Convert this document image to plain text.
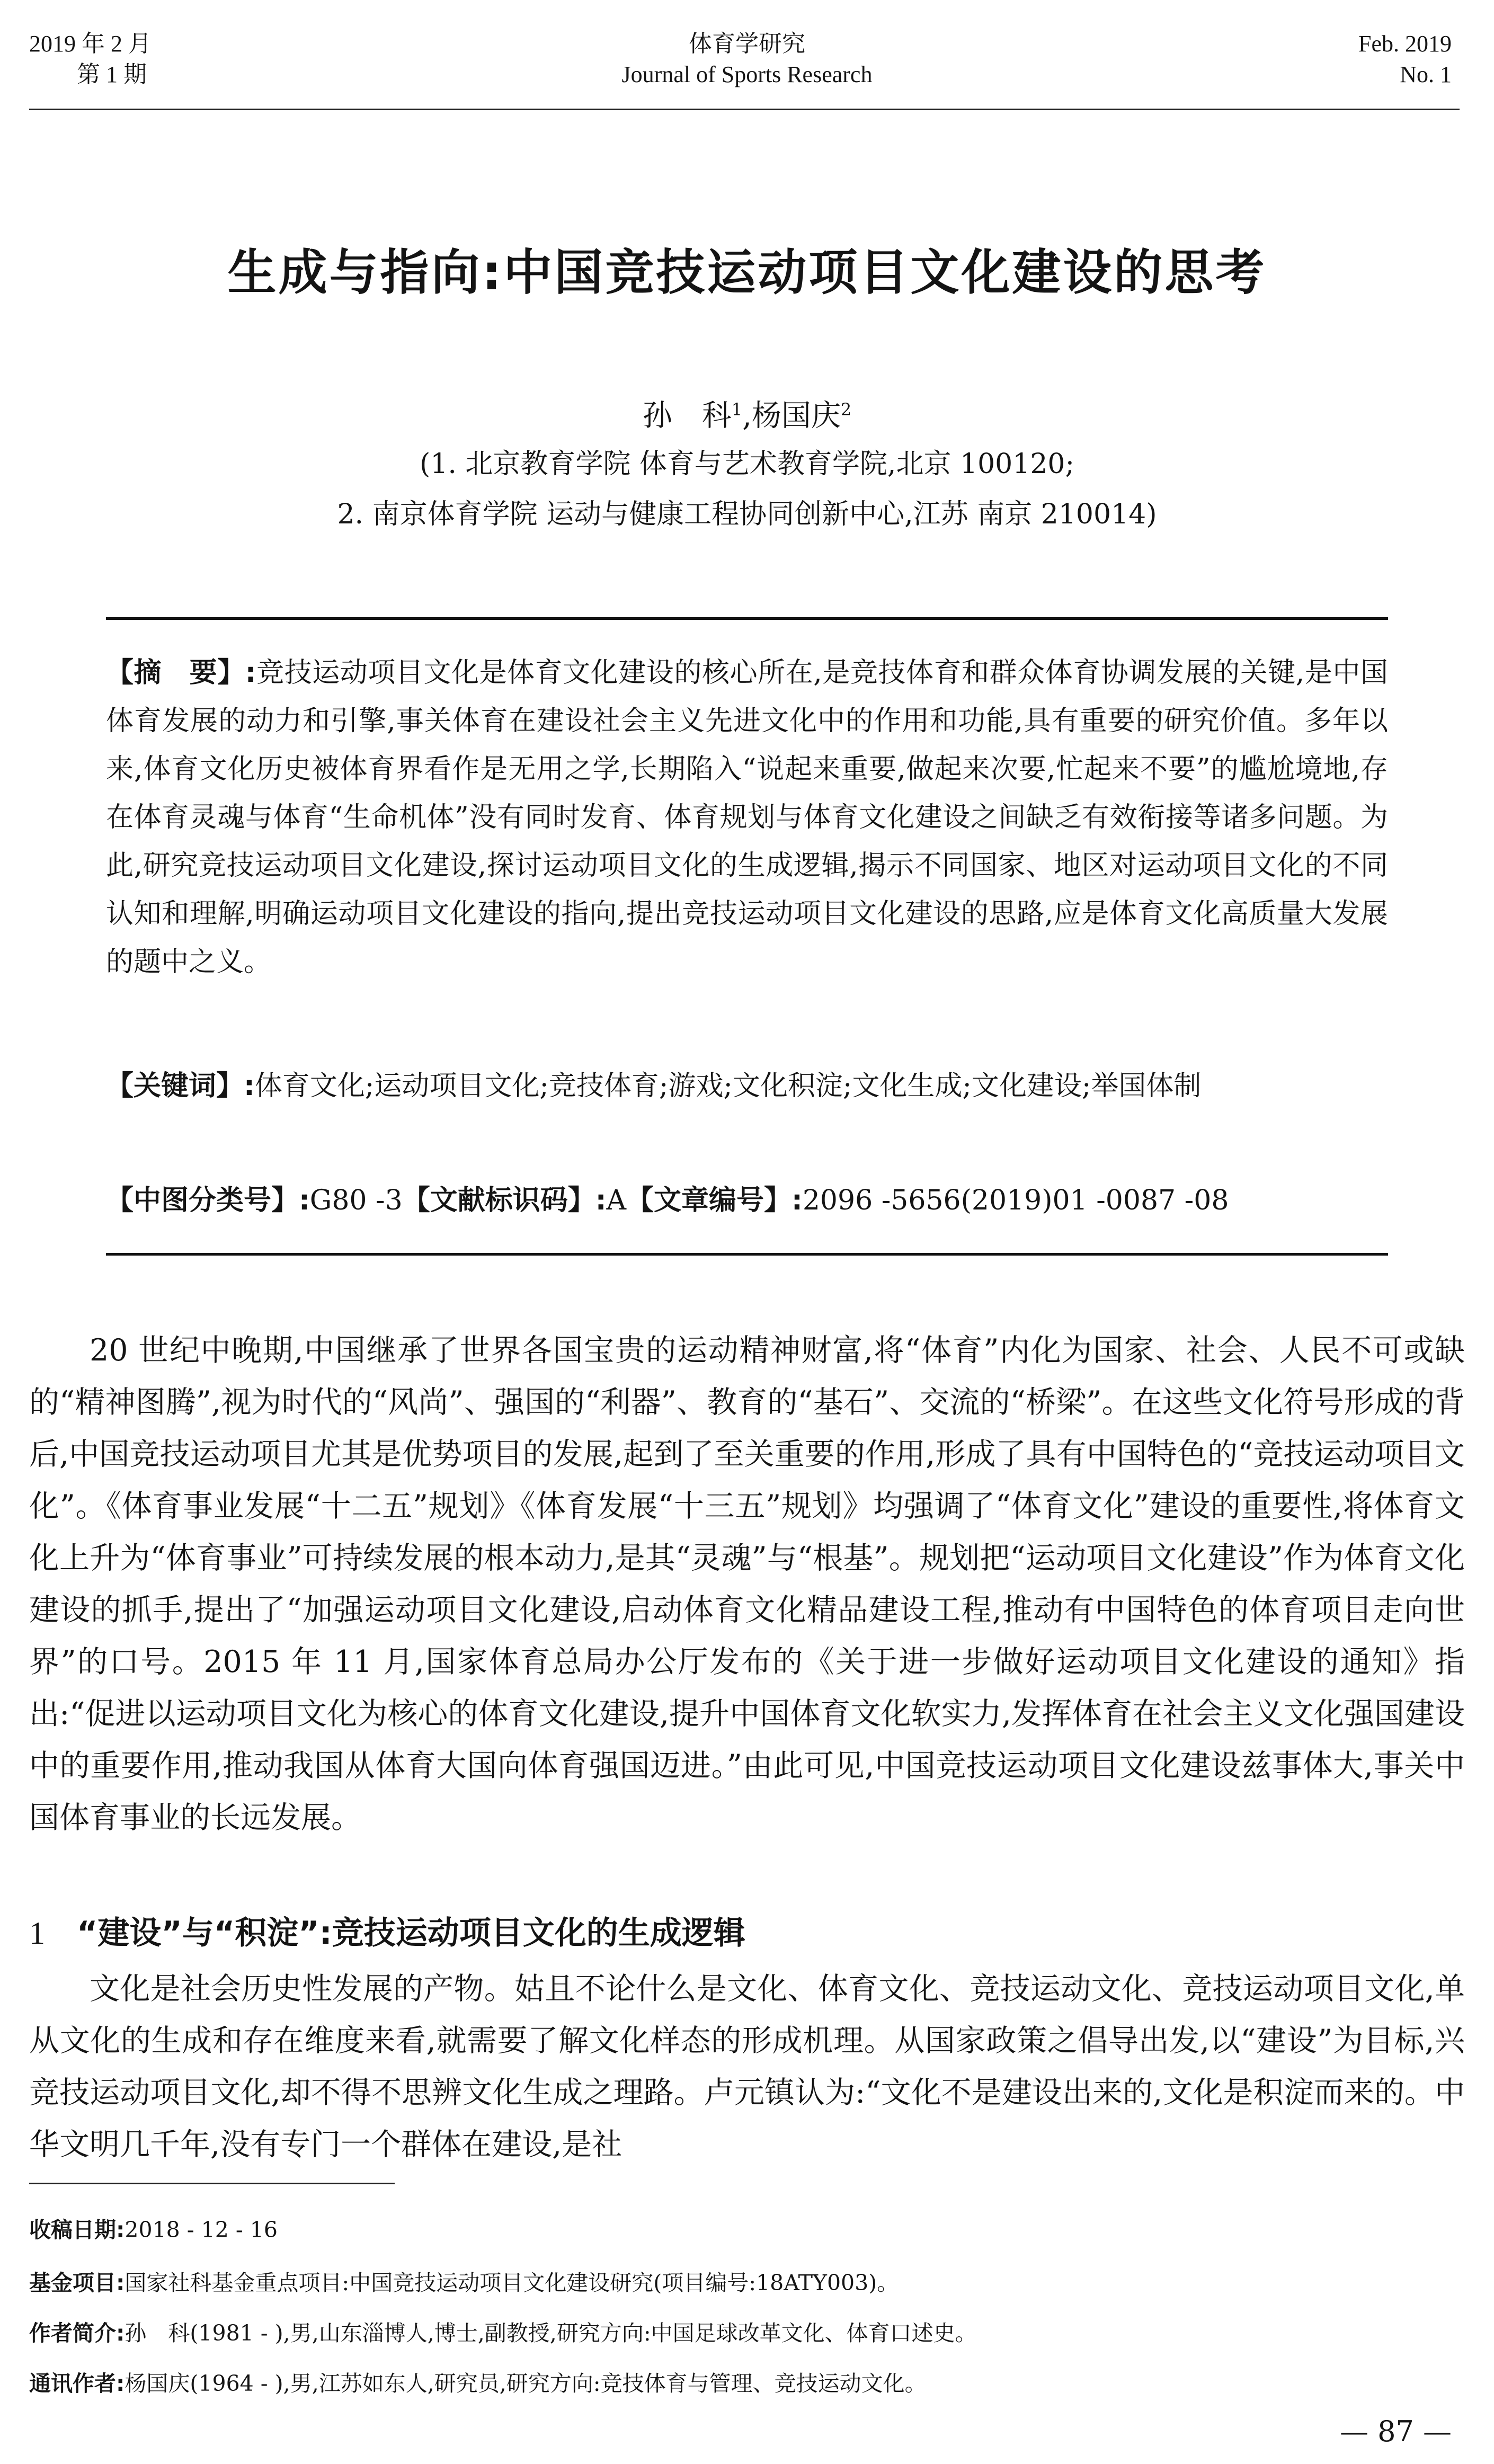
2019 年 2 月
第 1 期
体育学研究
Journal of Sports Research
Feb. 2019
No. 1
生成与指向:中国竞技运动项目文化建设的思考
孙　科$^1$,杨国庆$^2$
(1. 北京教育学院 体育与艺术教育学院,北京 100120;
2. 南京体育学院 运动与健康工程协同创新中心,江苏 南京 210014)
【摘　要】:竞技运动项目文化是体育文化建设的核心所在,是竞技体育和群众体育协调发展的关键,是中国体育发展的动力和引擎,事关体育在建设社会主义先进文化中的作用和功能,具有重要的研究价值。多年以来,体育文化历史被体育界看作是无用之学,长期陷入“说起来重要,做起来次要,忙起来不要”的尴尬境地,存在体育灵魂与体育“生命机体”没有同时发育、体育规划与体育文化建设之间缺乏有效衔接等诸多问题。为此,研究竞技运动项目文化建设,探讨运动项目文化的生成逻辑,揭示不同国家、地区对运动项目文化的不同认知和理解,明确运动项目文化建设的指向,提出竞技运动项目文化建设的思路,应是体育文化高质量大发展的题中之义。
【关键词】:体育文化;运动项目文化;竞技体育;游戏;文化积淀;文化生成;文化建设;举国体制
【中图分类号】:G80 -3【文献标识码】:A【文章编号】:2096 -5656(2019)01 -0087 -08
20 世纪中晚期,中国继承了世界各国宝贵的运动精神财富,将“体育”内化为国家、社会、人民不可或缺的“精神图腾”,视为时代的“风尚”、强国的“利器”、教育的“基石”、交流的“桥梁”。在这些文化符号形成的背后,中国竞技运动项目尤其是优势项目的发展,起到了至关重要的作用,形成了具有中国特色的“竞技运动项目文化”。《体育事业发展“十二五”规划》《体育发展“十三五”规划》均强调了“体育文化”建设的重要性,将体育文化上升为“体育事业”可持续发展的根本动力,是其“灵魂”与“根基”。规划把“运动项目文化建设”作为体育文化建设的抓手,提出了“加强运动项目文化建设,启动体育文化精品建设工程,推动有中国特色的体育项目走向世界”的口号。2015 年 11 月,国家体育总局办公厅发布的《关于进一步做好运动项目文化建设的通知》指出:“促进以运动项目文化为核心的体育文化建设,提升中国体育文化软实力,发挥体育在社会主义文化强国建设中的重要作用,推动我国从体育大国向体育强国迈进。”由此可见,中国竞技运动项目文化建设兹事体大,事关中国体育事业的长远发展。
1 “建设”与“积淀”:竞技运动项目文化的生成逻辑
文化是社会历史性发展的产物。姑且不论什么是文化、体育文化、竞技运动文化、竞技运动项目文化,单从文化的生成和存在维度来看,就需要了解文化样态的形成机理。从国家政策之倡导出发,以“建设”为目标,兴竞技运动项目文化,却不得不思辨文化生成之理路。卢元镇认为:“文化不是建设出来的,文化是积淀而来的。中华文明几千年,没有专门一个群体在建设,是社
收稿日期:2018 - 12 - 16
基金项目:国家社科基金重点项目:中国竞技运动项目文化建设研究(项目编号:18ATY003)。
作者简介:孙　科(1981 - ),男,山东淄博人,博士,副教授,研究方向:中国足球改革文化、体育口述史。
通讯作者:杨国庆(1964 - ),男,江苏如东人,研究员,研究方向:竞技体育与管理、竞技运动文化。
— 87 —
